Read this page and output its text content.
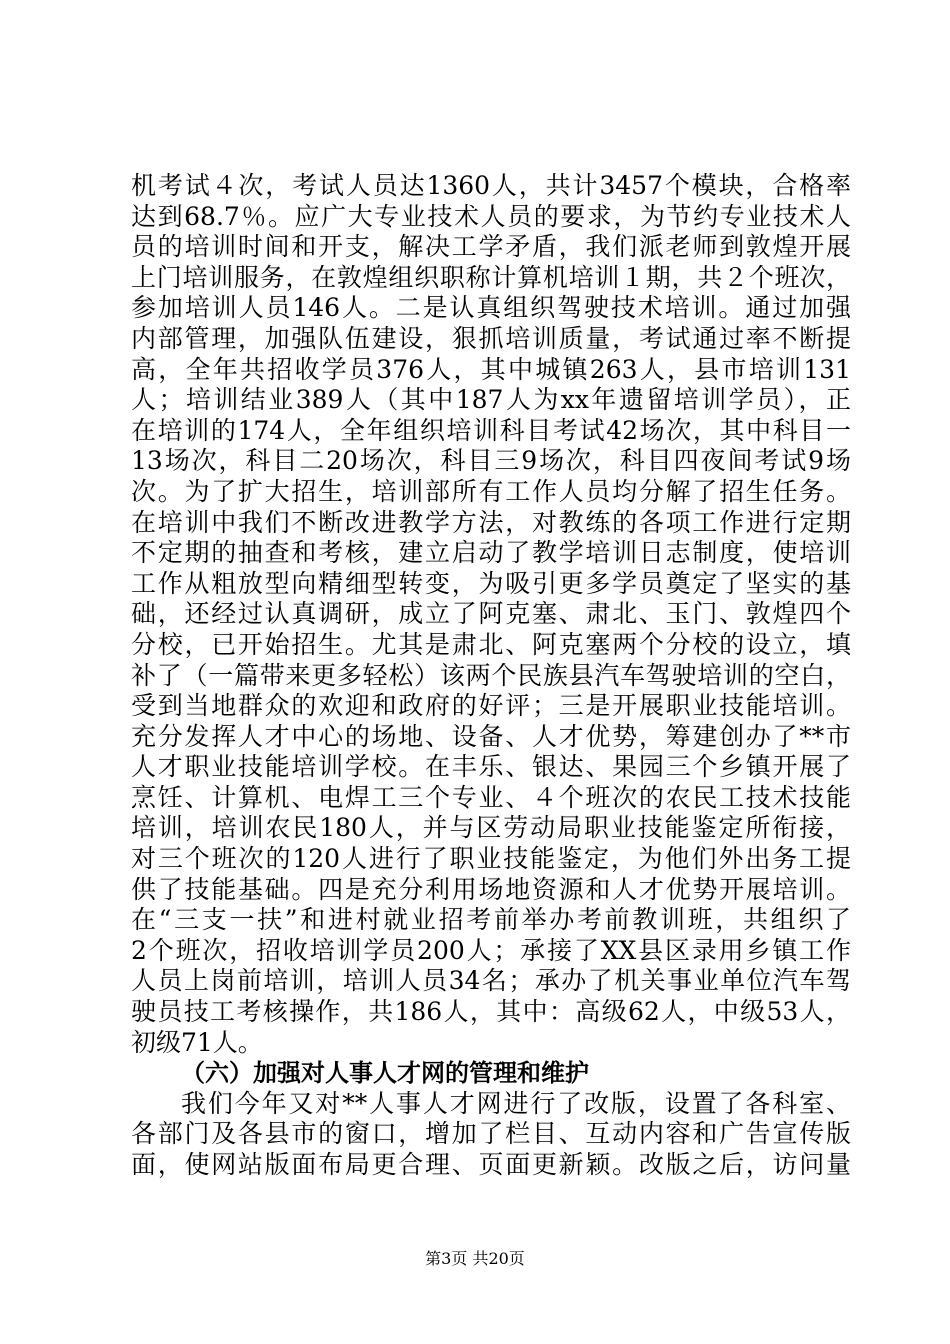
机考试４次，考试人员达1360人，共计3457个模块，合格率
达到68.7％。应广大专业技术人员的要求，为节约专业技术人
员的培训时间和开支，解决工学矛盾，我们派老师到敦煌开展
上门培训服务，在敦煌组织职称计算机培训１期，共２个班次，
参加培训人员146人。二是认真组织驾驶技术培训。通过加强
内部管理，加强队伍建设，狠抓培训质量，考试通过率不断提
高，全年共招收学员376人，其中城镇263人，县市培训131
人；培训结业389人（其中187人为xx年遗留培训学员），正
在培训的174人，全年组织培训科目考试42场次，其中科目一
13场次，科目二20场次，科目三9场次，科目四夜间考试9场
次。为了扩大招生，培训部所有工作人员均分解了招生任务。
在培训中我们不断改进教学方法，对教练的各项工作进行定期
不定期的抽查和考核，建立启动了教学培训日志制度，使培训
工作从粗放型向精细型转变，为吸引更多学员奠定了坚实的基
础，还经过认真调研，成立了阿克塞、肃北、玉门、敦煌四个
分校，已开始招生。尤其是肃北、阿克塞两个分校的设立，填
补了（一篇带来更多轻松）该两个民族县汽车驾驶培训的空白，
受到当地群众的欢迎和政府的好评；三是开展职业技能培训。
充分发挥人才中心的场地、设备、人才优势，筹建创办了**市
人才职业技能培训学校。在丰乐、银达、果园三个乡镇开展了
烹饪、计算机、电焊工三个专业、４个班次的农民工技术技能
培训，培训农民180人，并与区劳动局职业技能鉴定所衔接，
对三个班次的120人进行了职业技能鉴定，为他们外出务工提
供了技能基础。四是充分利用场地资源和人才优势开展培训。
在“三支一扶”和进村就业招考前举办考前教训班，共组织了
2个班次，招收培训学员200人；承接了XX县区录用乡镇工作
人员上岗前培训，培训人员34名；承办了机关事业单位汽车驾
驶员技工考核操作，共186人，其中：高级62人，中级53人，
初级71人。
（六）加强对人事人才网的管理和维护
我们今年又对**人事人才网进行了改版，设置了各科室、
各部门及各县市的窗口，增加了栏目、互动内容和广告宣传版
面，使网站版面布局更合理、页面更新颖。改版之后，访问量
第3页 共20页
